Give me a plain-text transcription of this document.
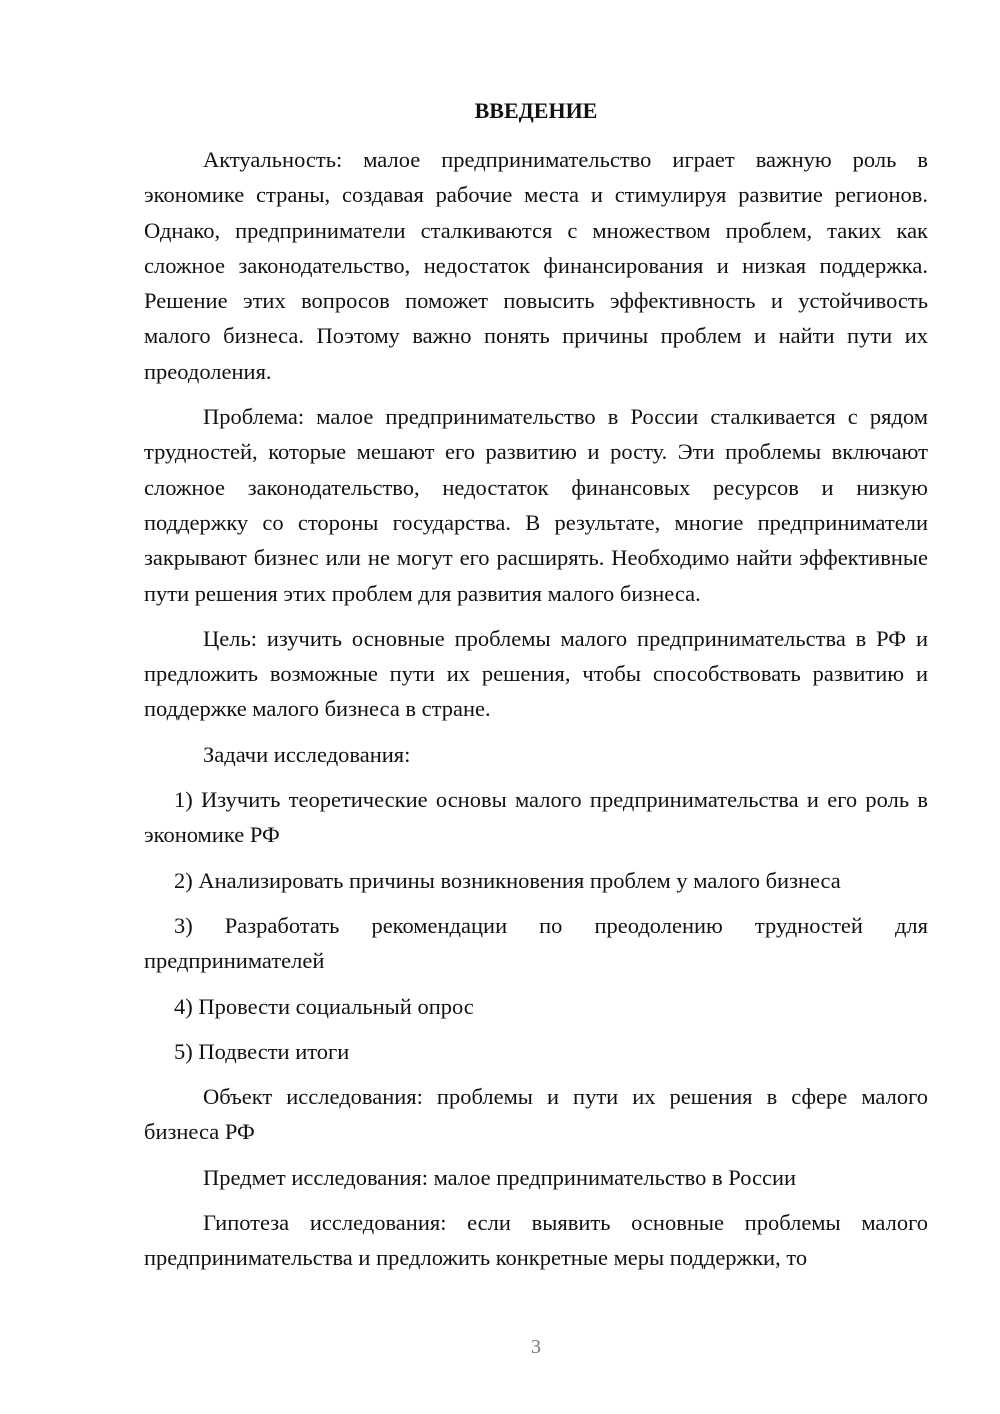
ВВЕДЕНИЕ

Актуальность: малое предпринимательство играет важную роль в экономике страны, создавая рабочие места и стимулируя развитие регионов. Однако, предприниматели сталкиваются с множеством проблем, таких как сложное законодательство, недостаток финансирования и низкая поддержка. Решение этих вопросов поможет повысить эффективность и устойчивость малого бизнеса. Поэтому важно понять причины проблем и найти пути их преодоления.

Проблема: малое предпринимательство в России сталкивается с рядом трудностей, которые мешают его развитию и росту. Эти проблемы включают сложное законодательство, недостаток финансовых ресурсов и низкую поддержку со стороны государства. В результате, многие предприниматели закрывают бизнес или не могут его расширять. Необходимо найти эффективные пути решения этих проблем для развития малого бизнеса.

Цель: изучить основные проблемы малого предпринимательства в РФ и предложить возможные пути их решения, чтобы способствовать развитию и поддержке малого бизнеса в стране.

Задачи исследования:

1) Изучить теоретические основы малого предпринимательства и его роль в экономике РФ

2) Анализировать причины возникновения проблем у малого бизнеса

3) Разработать рекомендации по преодолению трудностей для предпринимателей

4) Провести социальный опрос

5) Подвести итоги

Объект исследования: проблемы и пути их решения в сфере малого бизнеса РФ

Предмет исследования: малое предпринимательство в России

Гипотеза исследования: если выявить основные проблемы малого предпринимательства и предложить конкретные меры поддержки, то

3
